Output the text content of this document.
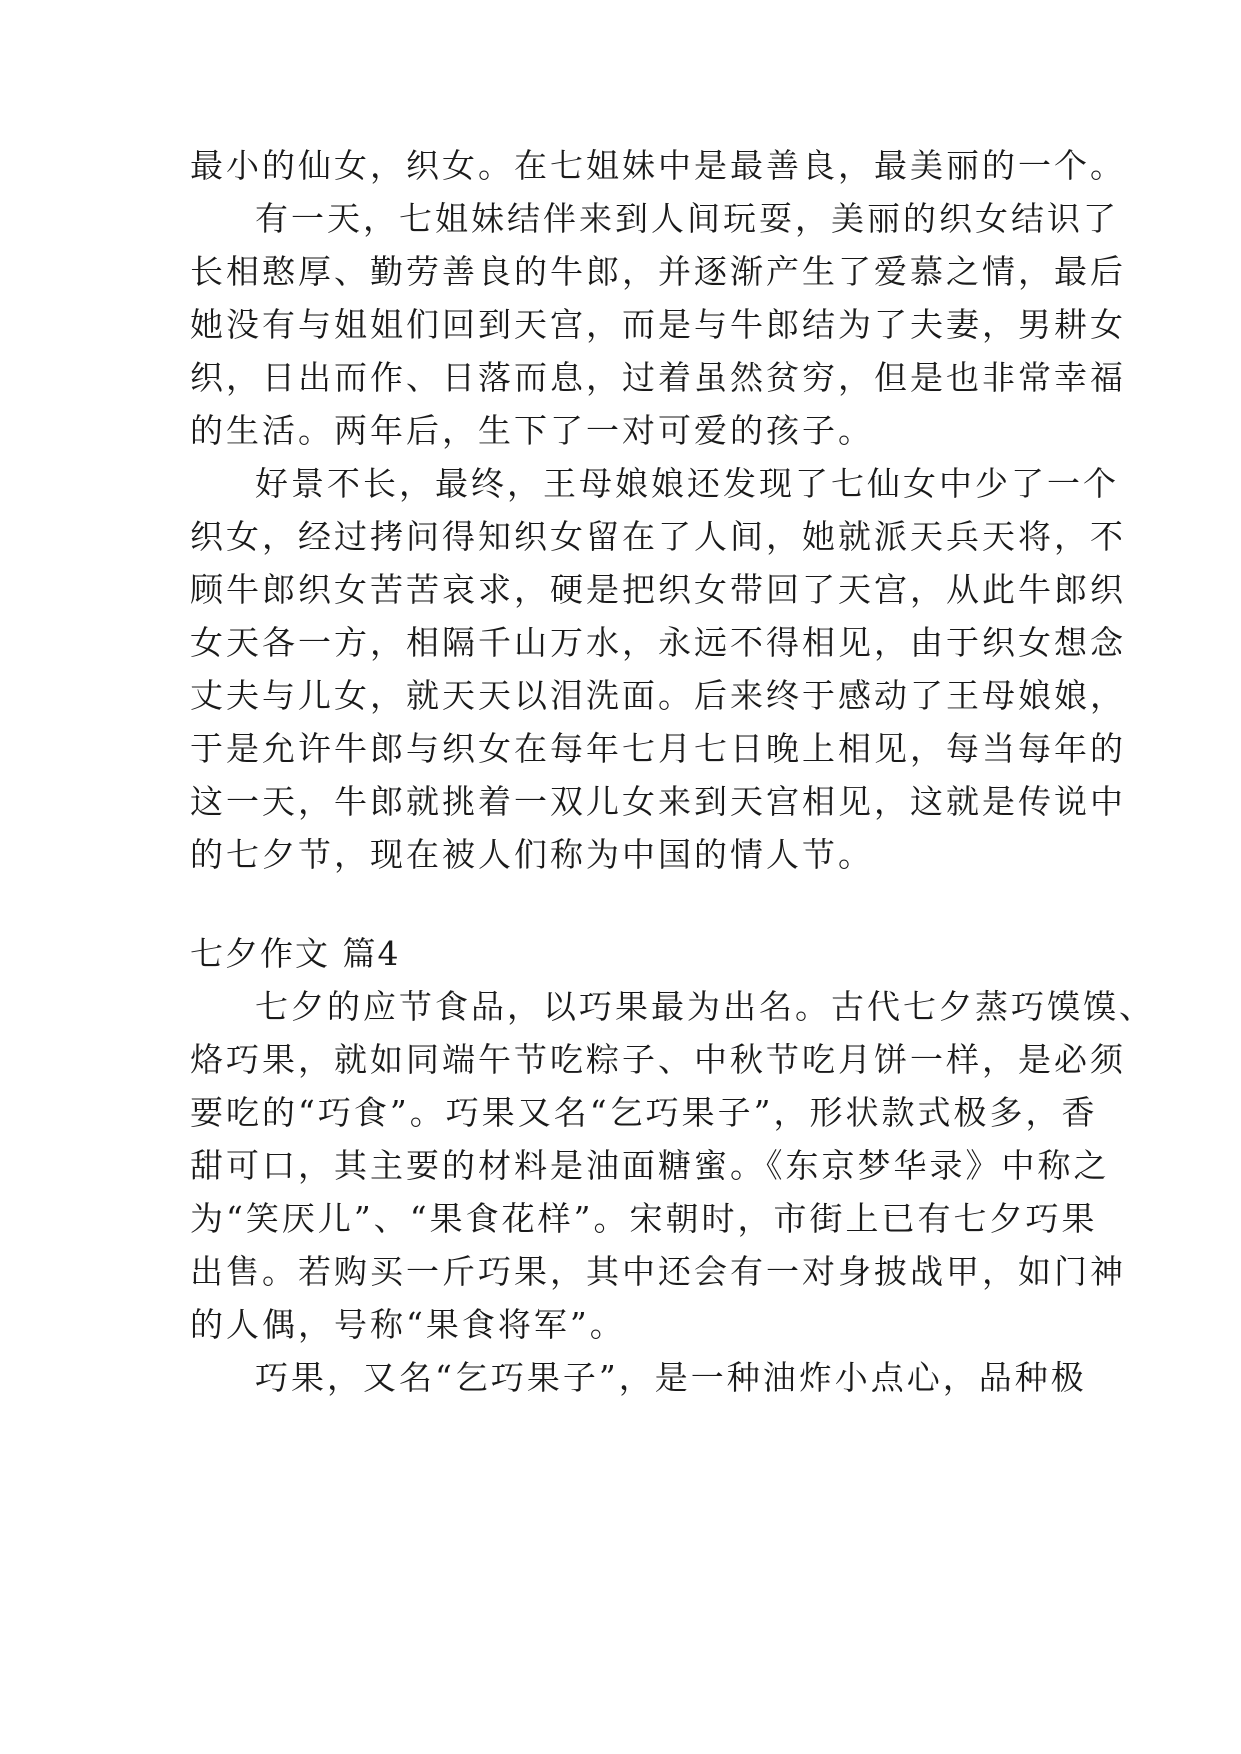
最小的仙女，织女。在七姐妹中是最善良，最美丽的一个。
有一天，七姐妹结伴来到人间玩耍，美丽的织女结识了
长相憨厚、勤劳善良的牛郎，并逐渐产生了爱慕之情，最后
她没有与姐姐们回到天宫，而是与牛郎结为了夫妻，男耕女
织，日出而作、日落而息，过着虽然贫穷，但是也非常幸福
的生活。两年后，生下了一对可爱的孩子。
好景不长，最终，王母娘娘还发现了七仙女中少了一个
织女，经过拷问得知织女留在了人间，她就派天兵天将，不
顾牛郎织女苦苦哀求，硬是把织女带回了天宫，从此牛郎织
女天各一方，相隔千山万水，永远不得相见，由于织女想念
丈夫与儿女，就天天以泪洗面。后来终于感动了王母娘娘，
于是允许牛郎与织女在每年七月七日晚上相见，每当每年的
这一天，牛郎就挑着一双儿女来到天宫相见，这就是传说中
的七夕节，现在被人们称为中国的情人节。
七夕作文 篇4
七夕的应节食品，以巧果最为出名。古代七夕蒸巧馍馍、
烙巧果，就如同端午节吃粽子、中秋节吃月饼一样，是必须
要吃的“巧食”。巧果又名“乞巧果子”，形状款式极多，香
甜可口，其主要的材料是油面糖蜜。《东京梦华录》中称之
为“笑厌儿”、“果食花样”。宋朝时，市街上已有七夕巧果
出售。若购买一斤巧果，其中还会有一对身披战甲，如门神
的人偶，号称“果食将军”。
巧果，又名“乞巧果子”，是一种油炸小点心，品种极
